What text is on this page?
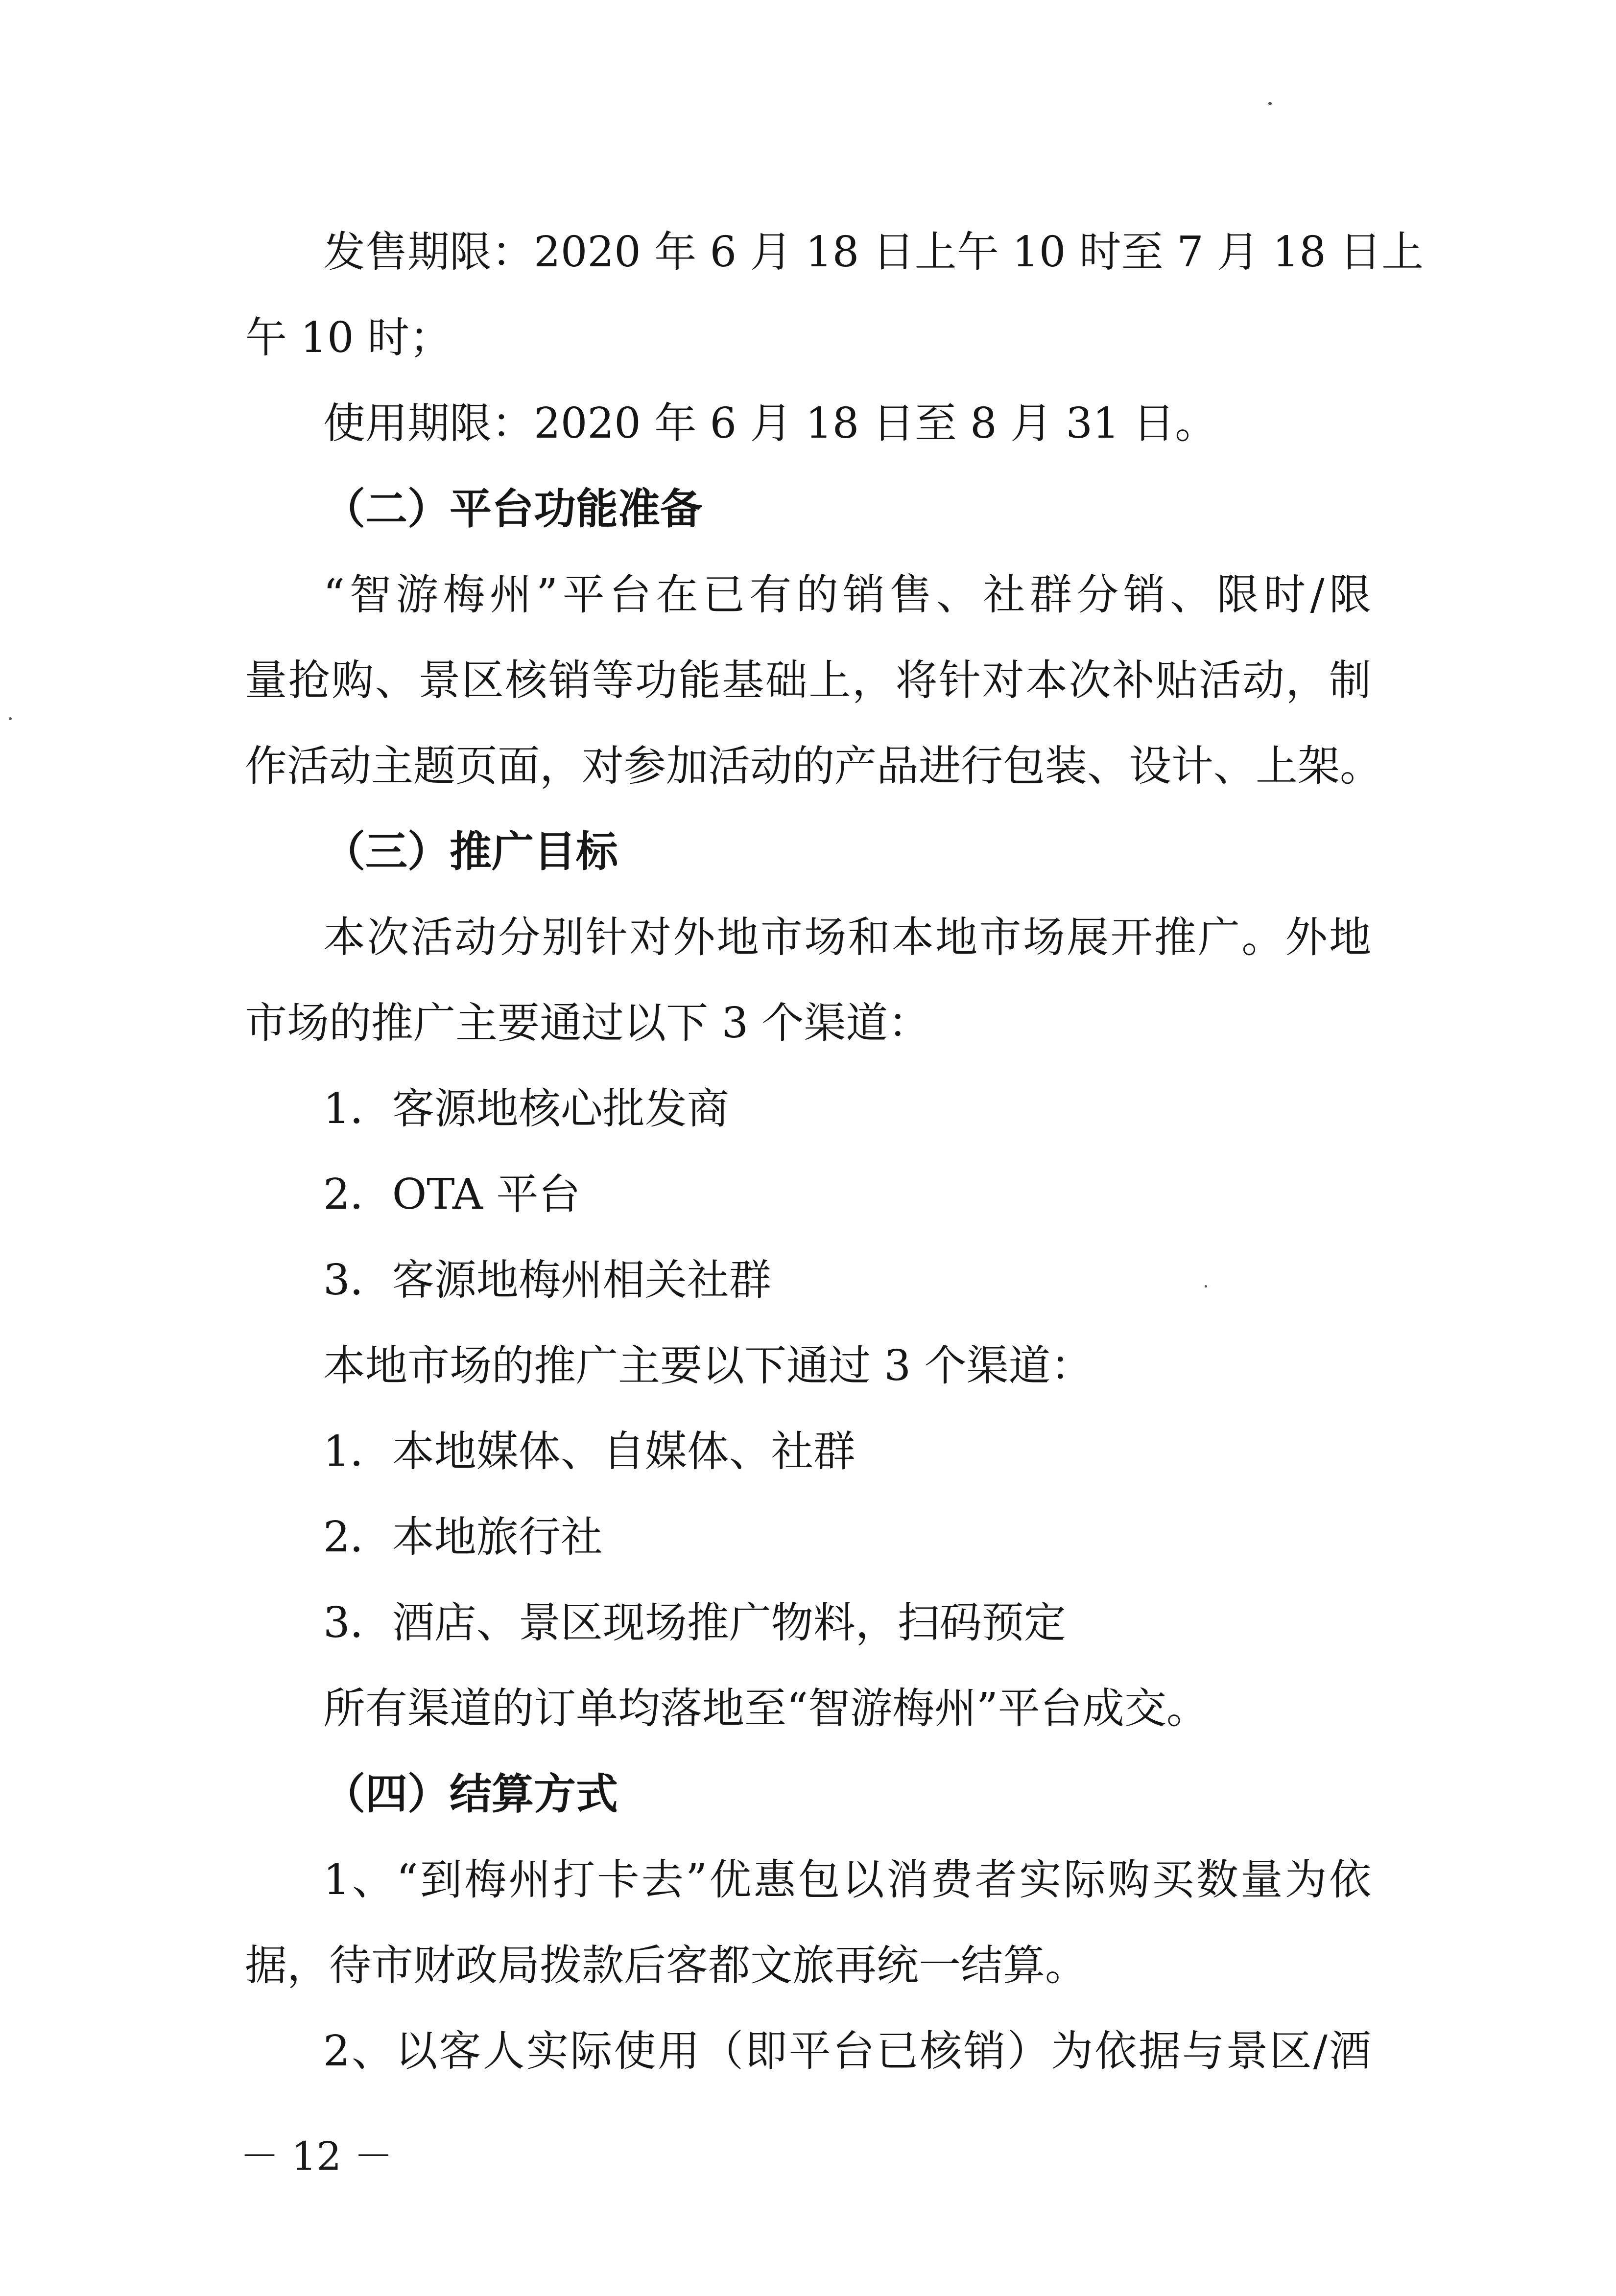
发售期限：2020 年 6 月 18 日上午 10 时至 7 月 18 日上
午 10 时；
使用期限：2020 年 6 月 18 日至 8 月 31 日。
（二）平台功能准备
“智游梅州”平台在已有的销售、社群分销、限时/限
量抢购、景区核销等功能基础上，将针对本次补贴活动，制
作活动主题页面，对参加活动的产品进行包装、设计、上架。
（三）推广目标
本次活动分别针对外地市场和本地市场展开推广。外地
市场的推广主要通过以下 3 个渠道：
1．客源地核心批发商
2．OTA 平台
3．客源地梅州相关社群
本地市场的推广主要以下通过 3 个渠道：
1．本地媒体、自媒体、社群
2．本地旅行社
3．酒店、景区现场推广物料，扫码预定
所有渠道的订单均落地至“智游梅州”平台成交。
（四）结算方式
1、“到梅州打卡去”优惠包以消费者实际购买数量为依
据，待市财政局拨款后客都文旅再统一结算。
2、以客人实际使用（即平台已核销）为依据与景区/酒
－ 12 －
